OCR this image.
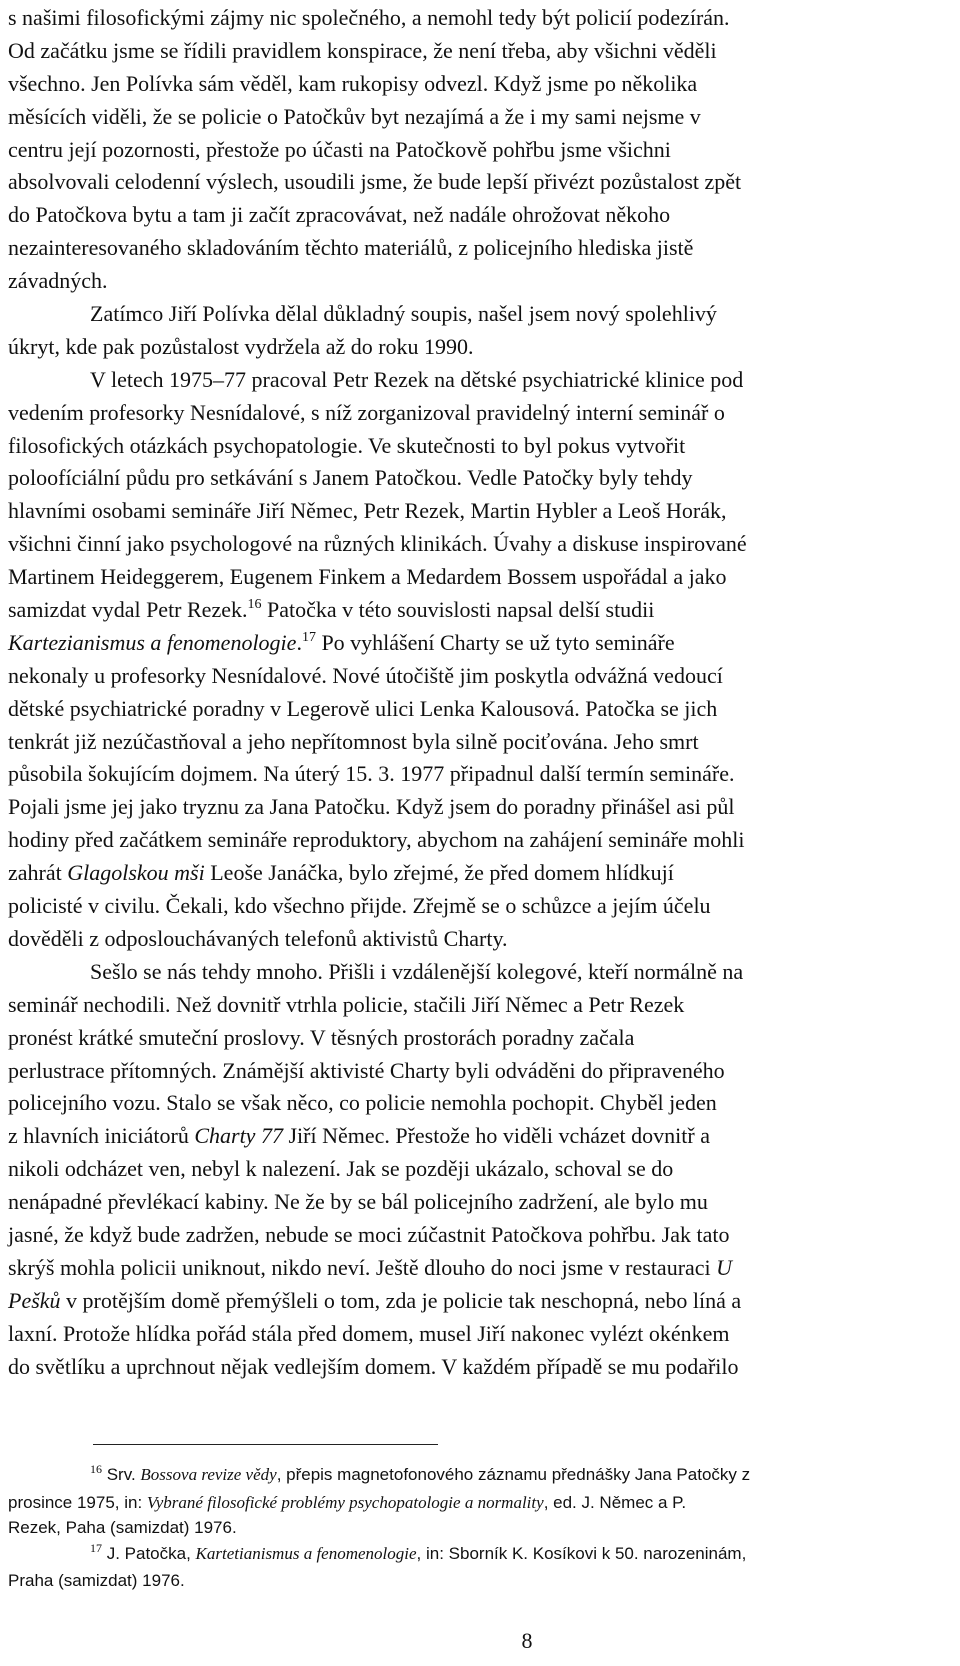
s našimi filosofickými zájmy nic společného, a nemohl tedy být policií podezírán.
Od začátku jsme se řídili pravidlem konspirace, že není třeba, aby všichni věděli
všechno. Jen Polívka sám věděl, kam rukopisy odvezl. Když jsme po několika
měsících viděli, že se policie o Patočkův byt nezajímá a že i my sami nejsme v
centru její pozornosti, přestože po účasti na Patočkově pohřbu jsme všichni
absolvovali celodenní výslech, usoudili jsme, že bude lepší přivézt pozůstalost zpět
do Patočkova bytu a tam ji začít zpracovávat, než nadále ohrožovat někoho
nezainteresovaného skladováním těchto materiálů, z policejního hlediska jistě
závadných.
Zatímco Jiří Polívka dělal důkladný soupis, našel jsem nový spolehlivý
úkryt, kde pak pozůstalost vydržela až do roku 1990.
V letech 1975–77 pracoval Petr Rezek na dětské psychiatrické klinice pod
vedením profesorky Nesnídalové, s níž zorganizoval pravidelný interní seminář o
filosofických otázkách psychopatologie. Ve skutečnosti to byl pokus vytvořit
poloofíciální půdu pro setkávání s Janem Patočkou. Vedle Patočky byly tehdy
hlavními osobami semináře Jiří Němec, Petr Rezek, Martin Hybler a Leoš Horák,
všichni činní jako psychologové na různých klinikách. Úvahy a diskuse inspirované
Martinem Heideggerem, Eugenem Finkem a Medardem Bossem uspořádal a jako
samizdat vydal Petr Rezek.$^{16}$ Patočka v této souvislosti napsal delší studii
Kartezianismus a fenomenologie.$^{17}$ Po vyhlášení Charty se už tyto semináře
nekonaly u profesorky Nesnídalové. Nové útočiště jim poskytla odvážná vedoucí
dětské psychiatrické poradny v Legerově ulici Lenka Kalousová. Patočka se jich
tenkrát již nezúčastňoval a jeho nepřítomnost byla silně pociťována. Jeho smrt
působila šokujícím dojmem. Na úterý 15. 3. 1977 připadnul další termín semináře.
Pojali jsme jej jako tryznu za Jana Patočku. Když jsem do poradny přinášel asi půl
hodiny před začátkem semináře reproduktory, abychom na zahájení semináře mohli
zahrát Glagolskou mši Leoše Janáčka, bylo zřejmé, že před domem hlídkují
policisté v civilu. Čekali, kdo všechno přijde. Zřejmě se o schůzce a jejím účelu
dověděli z odposlouchávaných telefonů aktivistů Charty.
Sešlo se nás tehdy mnoho. Přišli i vzdálenější kolegové, kteří normálně na
seminář nechodili. Než dovnitř vtrhla policie, stačili Jiří Němec a Petr Rezek
pronést krátké smuteční proslovy. V těsných prostorách poradny začala
perlustrace přítomných. Známější aktivisté Charty byli odváděni do připraveného
policejního vozu. Stalo se však něco, co policie nemohla pochopit. Chyběl jeden
z hlavních iniciátorů Charty 77 Jiří Němec. Přestože ho viděli vcházet dovnitř a
nikoli odcházet ven, nebyl k nalezení. Jak se později ukázalo, schoval se do
nenápadné převlékací kabiny. Ne že by se bál policejního zadržení, ale bylo mu
jasné, že když bude zadržen, nebude se moci zúčastnit Patočkova pohřbu. Jak tato
skrýš mohla policii uniknout, nikdo neví. Ještě dlouho do noci jsme v restauraci U
Pešků v protějším domě přemýšleli o tom, zda je policie tak neschopná, nebo líná a
laxní. Protože hlídka pořád stála před domem, musel Jiří nakonec vylézt okénkem
do světlíku a uprchnout nějak vedlejším domem. V každém případě se mu podařilo
$^{16}$ Srv. Bossova revize vědy, přepis magnetofonového záznamu přednášky Jana Patočky z
prosince 1975, in: Vybrané filosofické problémy psychopatologie a normality, ed. J. Němec a P.
Rezek, Paha (samizdat) 1976.
$^{17}$ J. Patočka, Kartetianismus a fenomenologie, in: Sborník K. Kosíkovi k 50. narozeninám,
Praha (samizdat) 1976.
8
